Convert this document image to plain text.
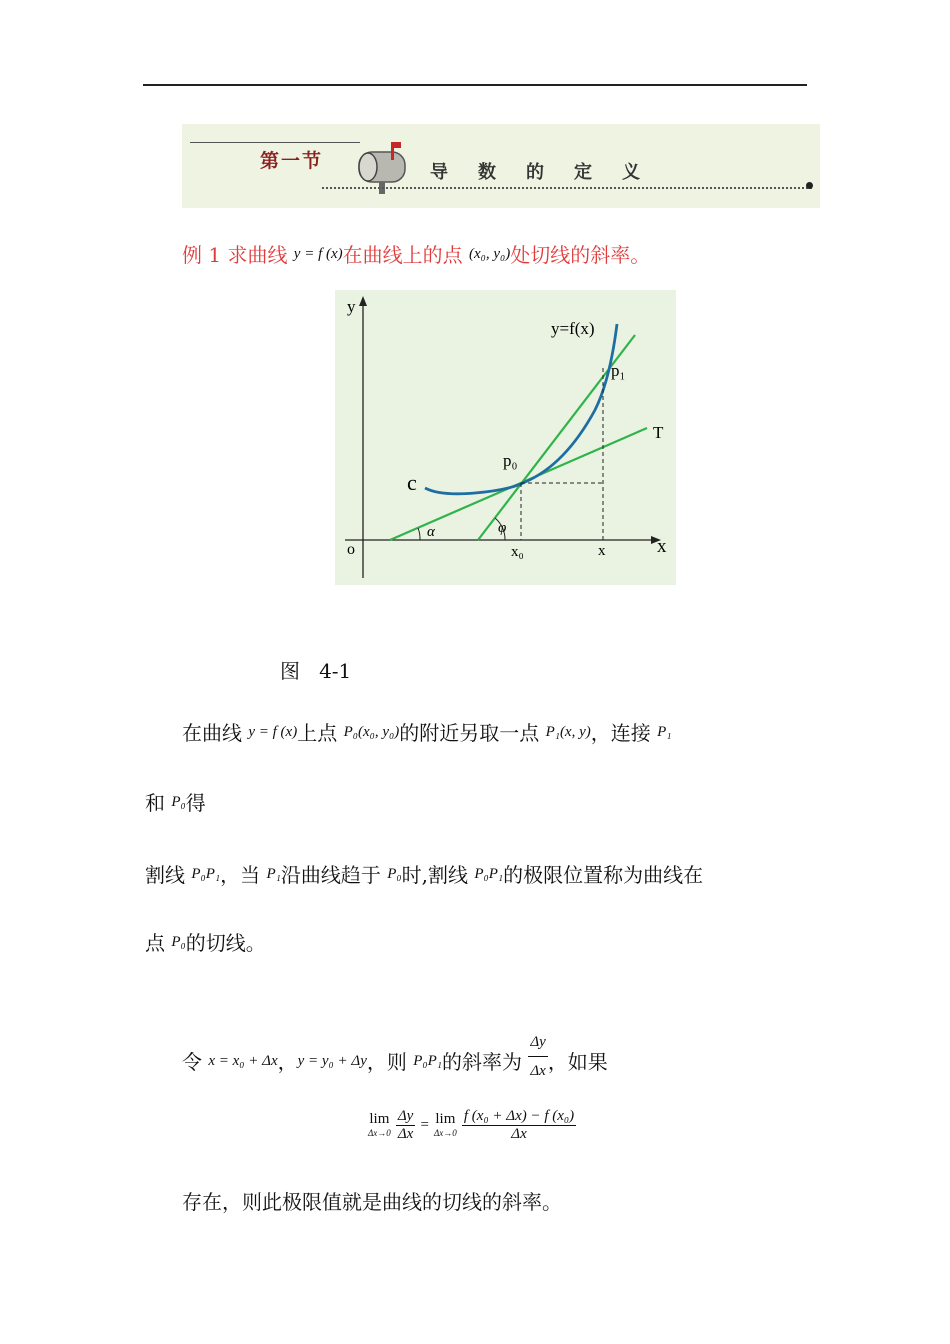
第一节
导数的定义
例 1 求曲线 $^{y = f (x)}$在曲线上的点 $^{(x_0, y_0)}$处切线的斜率。
y
x
o
y=f(x)
c
p₀
p₁
T
x₀	x
α	φ
图   4-1
在曲线 $^{y = f (x)}$上点 $^{P_0(x_0, y_0)}$的附近另取一点 $^{P_1(x, y)}$，连接 $^{P_1}$
和 $^{P_0}$得
割线 $^{P_0P_1}$，当 $^{P_1}$沿曲线趋于 $^{P_0}$时,割线 $^{P_0P_1}$的极限位置称为曲线在
点 $^{P_0}$的切线。
令 $^{x = x_0 + \Delta x}$，$^{y = y_0 + \Delta y}$，则 $^{P_0P_1}$的斜率为 $\frac{\Delta y}{\Delta x}$ ，如果
lim
Δx→0
$\frac{\Delta y}{\Delta x} = \lim$
Δx→0
$\frac{\text{f (x₀ + Δx) − f (x₀)}}{\Delta x}$
存在，则此极限值就是曲线的切线的斜率。
